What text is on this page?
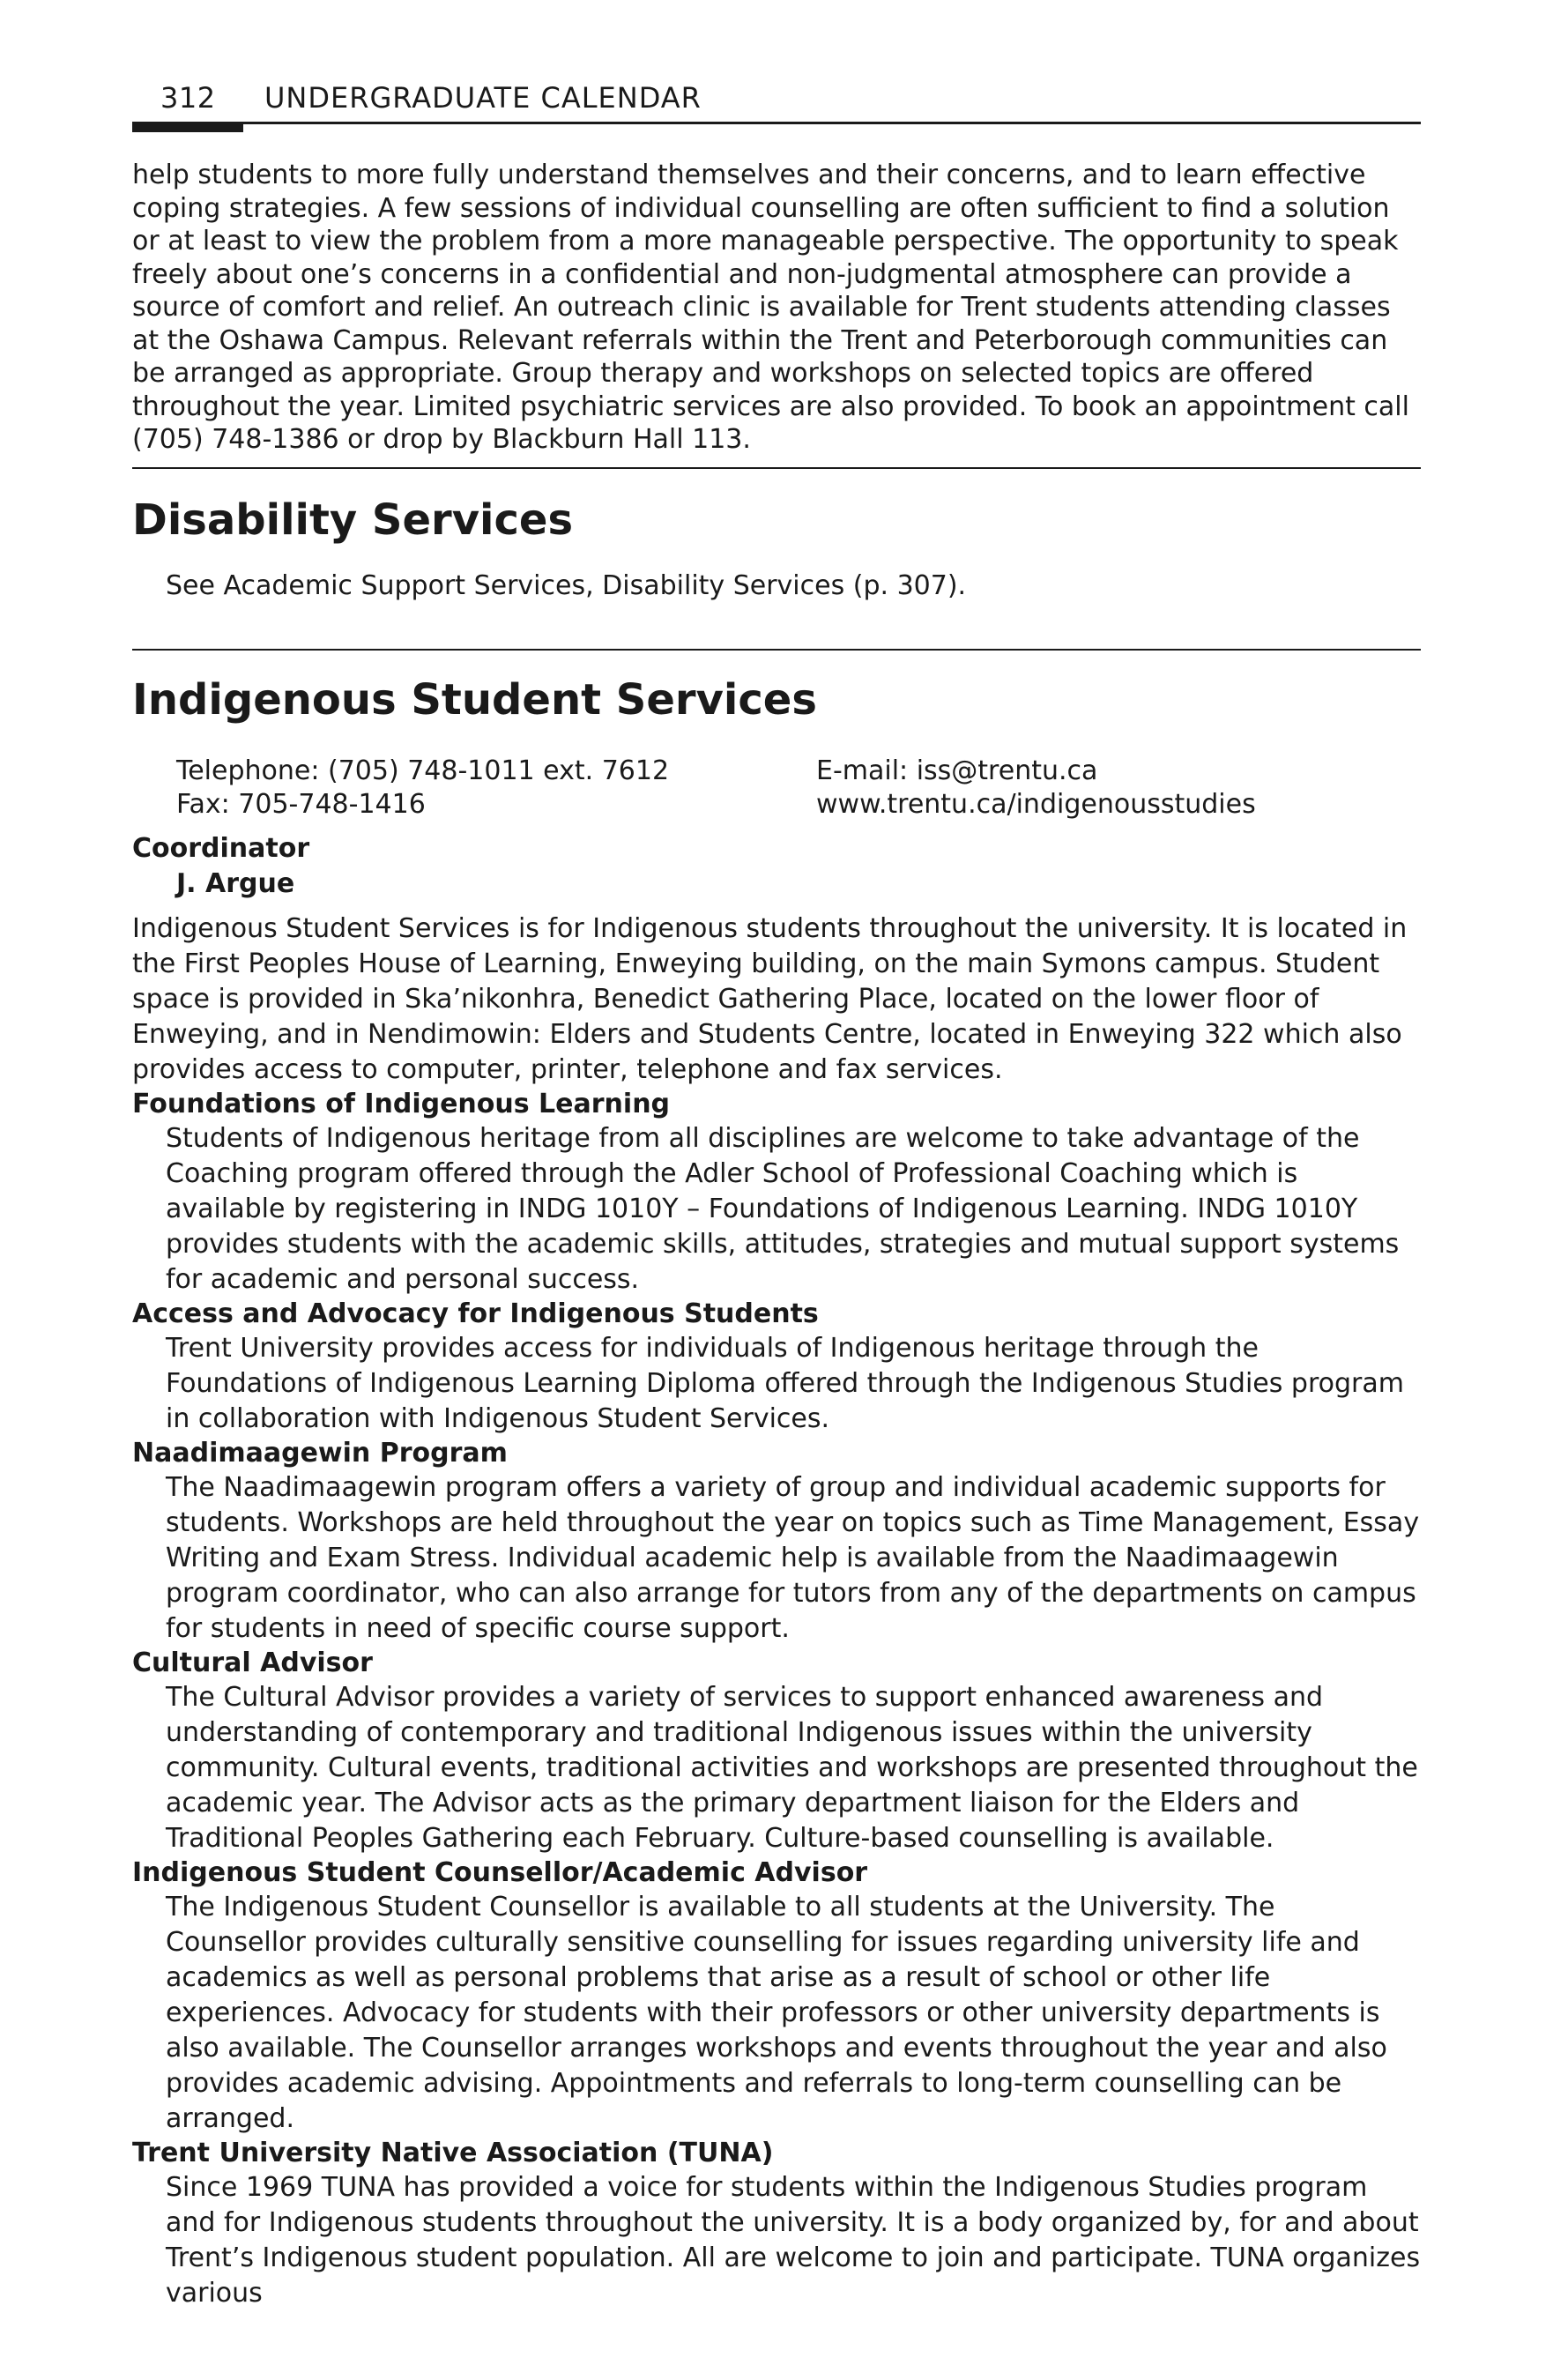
312 UNDERGRADUATE CALENDAR

help students to more fully understand themselves and their concerns, and to learn effective coping strategies. A few sessions of individual counselling are often sufficient to find a solution or at least to view the problem from a more manageable perspective. The opportunity to speak freely about one’s concerns in a confidential and non-judgmental atmosphere can provide a source of comfort and relief. An outreach clinic is available for Trent students attending classes at the Oshawa Campus. Relevant referrals within the Trent and Peterborough communities can be arranged as appropriate. Group therapy and workshops on selected topics are offered throughout the year. Limited psychiatric services are also provided. To book an appointment call (705) 748-1386 or drop by Blackburn Hall 113.

Disability Services

See Academic Support Services, Disability Services (p. 307).

Indigenous Student Services
Telephone: (705) 748-1011 ext. 7612
Fax: 705-748-1416
E-mail: iss@trentu.ca
www.trentu.ca/indigenousstudies
Coordinator
J. Argue

Indigenous Student Services is for Indigenous students throughout the university. It is located in the First Peoples House of Learning, Enweying building, on the main Symons campus. Student space is provided in Ska’nikonhra, Benedict Gathering Place, located on the lower floor of Enweying, and in Nendimowin: Elders and Students Centre, located in Enweying 322 which also provides access to computer, printer, telephone and fax services.

Foundations of Indigenous Learning

Students of Indigenous heritage from all disciplines are welcome to take advantage of the Coaching program offered through the Adler School of Professional Coaching which is available by registering in INDG 1010Y – Foundations of Indigenous Learning. INDG 1010Y provides students with the academic skills, attitudes, strategies and mutual support systems for academic and personal success.

Access and Advocacy for Indigenous Students

Trent University provides access for individuals of Indigenous heritage through the Foundations of Indigenous Learning Diploma offered through the Indigenous Studies program in collaboration with Indigenous Student Services.

Naadimaagewin Program

The Naadimaagewin program offers a variety of group and individual academic supports for students. Workshops are held throughout the year on topics such as Time Management, Essay Writing and Exam Stress. Individual academic help is available from the Naadimaagewin program coordinator, who can also arrange for tutors from any of the departments on campus for students in need of specific course support.

Cultural Advisor

The Cultural Advisor provides a variety of services to support enhanced awareness and understanding of contemporary and traditional Indigenous issues within the university community. Cultural events, traditional activities and workshops are presented throughout the academic year. The Advisor acts as the primary department liaison for the Elders and Traditional Peoples Gathering each February. Culture-based counselling is available.

Indigenous Student Counsellor/Academic Advisor

The Indigenous Student Counsellor is available to all students at the University. The Counsellor provides culturally sensitive counselling for issues regarding university life and academics as well as personal problems that arise as a result of school or other life experiences. Advocacy for students with their professors or other university departments is also available. The Counsellor arranges workshops and events throughout the year and also provides academic advising. Appointments and referrals to long-term counselling can be arranged.

Trent University Native Association (TUNA)

Since 1969 TUNA has provided a voice for students within the Indigenous Studies program and for Indigenous students throughout the university. It is a body organized by, for and about Trent’s Indigenous student population. All are welcome to join and participate. TUNA organizes various
